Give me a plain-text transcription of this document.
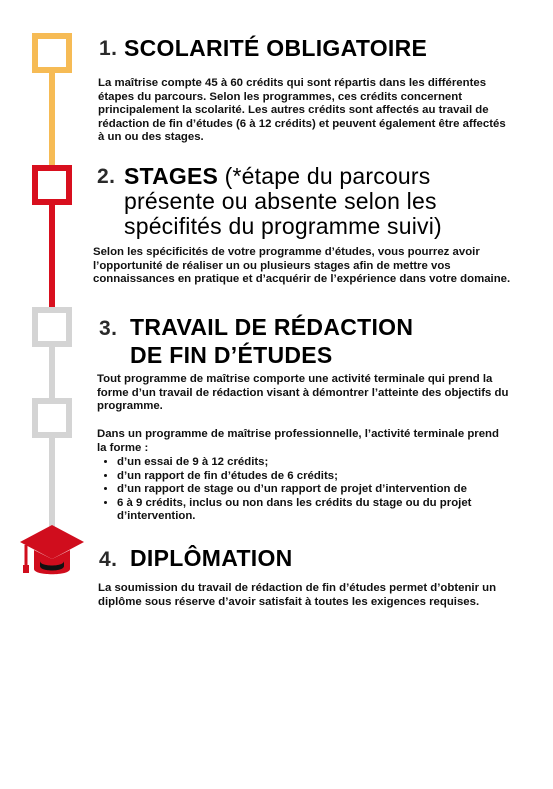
1. SCOLARITÉ OBLIGATOIRE
La maîtrise compte 45 à 60 crédits qui sont répartis dans les différentes étapes du parcours. Selon les programmes, ces crédits concernent principalement la scolarité. Les autres crédits sont affectés au travail de rédaction de fin d’études (6 à 12 crédits) et peuvent également être affectés à un ou des stages.
2. STAGES (*étape du parcours
présente ou absente selon les
spécifités du programme suivi)
Selon les spécificités de votre programme d’études, vous pourrez avoir l’opportunité de réaliser un ou plusieurs stages afin de mettre vos connaissances en pratique et d’acquérir de l’expérience dans votre domaine.
3. TRAVAIL DE RÉDACTION
DE FIN D’ÉTUDES
Tout programme de maîtrise comporte une activité terminale qui prend la forme d’un travail de rédaction visant à démontrer l’atteinte des objectifs du programme.
Dans un programme de maîtrise professionnelle, l’activité terminale prend la forme :
• d’un essai de 9 à 12 crédits;
• d’un rapport de fin d’études de 6 crédits;
• d’un rapport de stage ou d’un rapport de projet d’intervention de
• 6 à 9 crédits, inclus ou non dans les crédits du stage ou du projet d’intervention.
4. DIPLÔMATION
La soumission du travail de rédaction de fin d’études permet d’obtenir un diplôme sous réserve d’avoir satisfait à toutes les exigences requises.
